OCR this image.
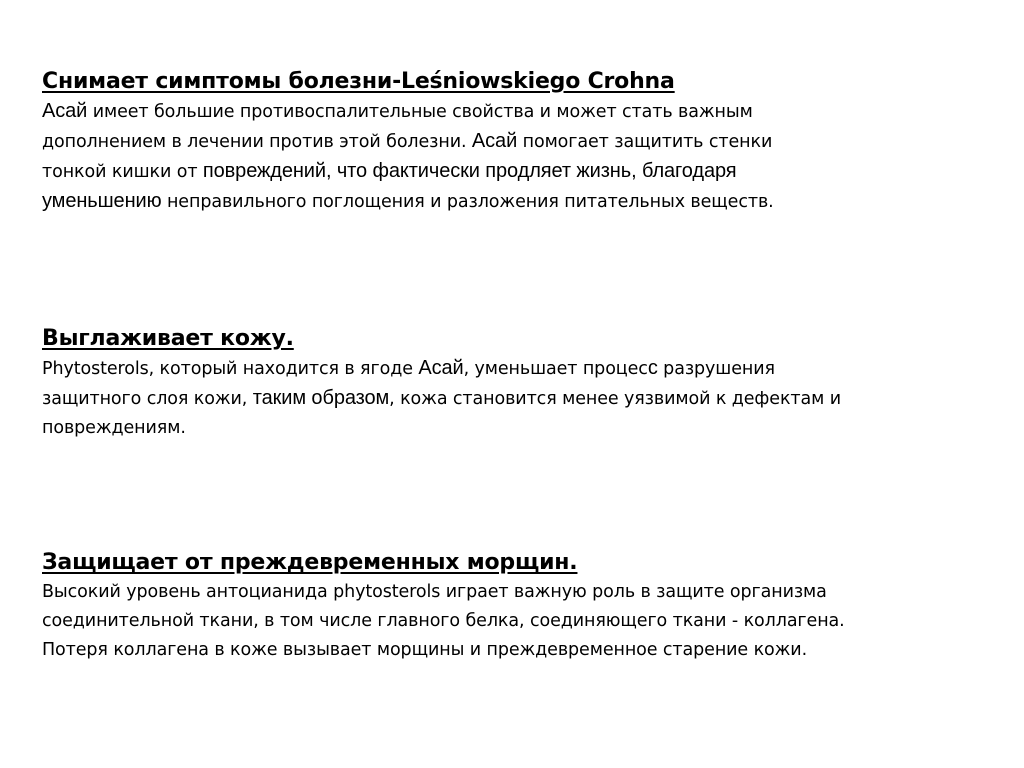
Снимает симптомы болезни-Leśniowskiego Crohna

Асай имеет большие противоспалительные свойства и может стать важным
дополнением в лечении против этой болезни. Асай помогает защитить стенки
тонкой кишки от повреждений, что фактически продляет жизнь, благодаря
уменьшению неправильного поглощения и разложения питательных веществ.

Выглаживает кожу.

Phytosterols, который находится в ягоде Асай, уменьшает процесс разрушения
защитного слоя кожи, таким образом, кожа становится менее уязвимой к дефектам и
повреждениям.

Защищает от преждевременных морщин.

Высокий уровень антоцианида phytosterols играет важную роль в защите организма
соединительной ткани, в том числе главного белка, соединяющего ткани - коллагена.
Потеря коллагена в коже вызывает морщины и преждевременное старение кожи.
